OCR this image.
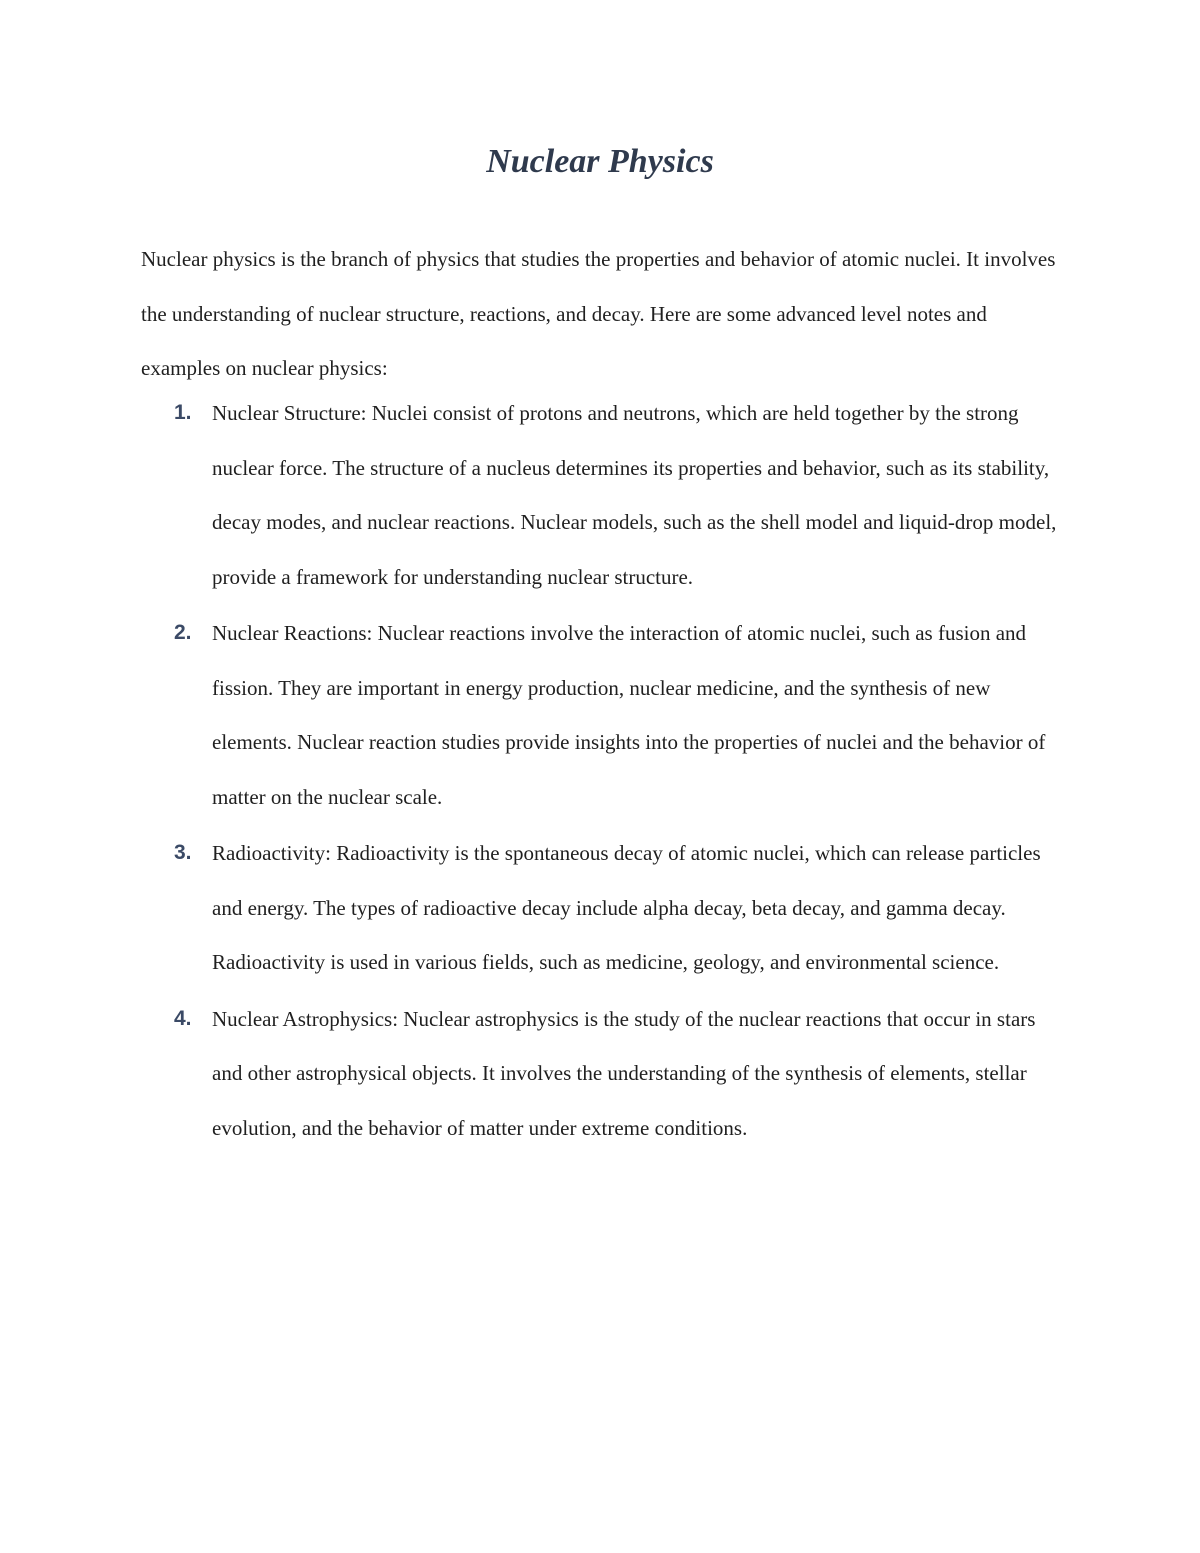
Nuclear Physics

Nuclear physics is the branch of physics that studies the properties and behavior of atomic nuclei. It involves the understanding of nuclear structure, reactions, and decay. Here are some advanced level notes and examples on nuclear physics:

1. Nuclear Structure: Nuclei consist of protons and neutrons, which are held together by the strong nuclear force. The structure of a nucleus determines its properties and behavior, such as its stability, decay modes, and nuclear reactions. Nuclear models, such as the shell model and liquid-drop model, provide a framework for understanding nuclear structure.
2. Nuclear Reactions: Nuclear reactions involve the interaction of atomic nuclei, such as fusion and fission. They are important in energy production, nuclear medicine, and the synthesis of new elements. Nuclear reaction studies provide insights into the properties of nuclei and the behavior of matter on the nuclear scale.
3. Radioactivity: Radioactivity is the spontaneous decay of atomic nuclei, which can release particles and energy. The types of radioactive decay include alpha decay, beta decay, and gamma decay. Radioactivity is used in various fields, such as medicine, geology, and environmental science.
4. Nuclear Astrophysics: Nuclear astrophysics is the study of the nuclear reactions that occur in stars and other astrophysical objects. It involves the understanding of the synthesis of elements, stellar evolution, and the behavior of matter under extreme conditions.
